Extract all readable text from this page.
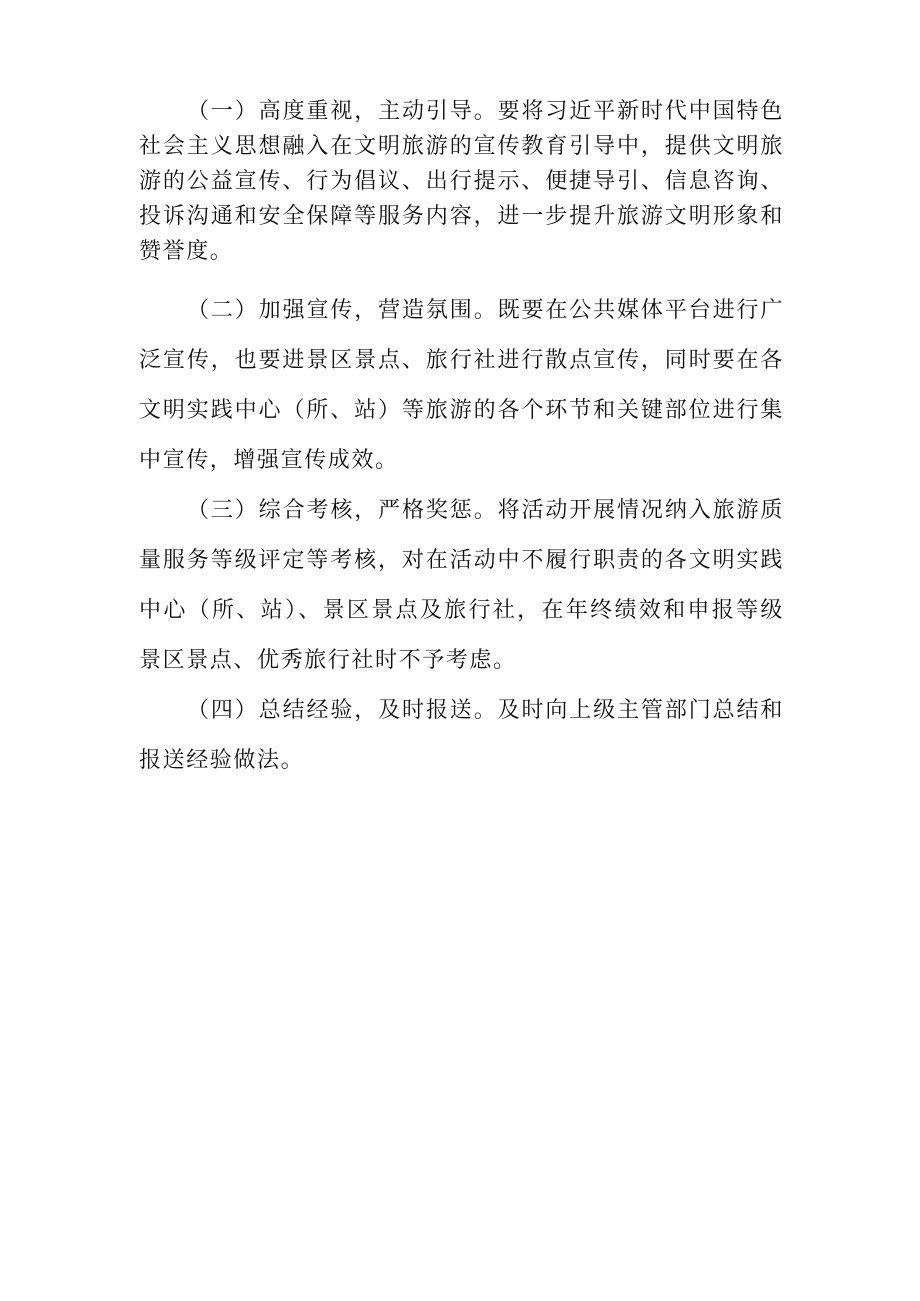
（一）高度重视，主动引导。要将习近平新时代中国特色社会主义思想融入在文明旅游的宣传教育引导中，提供文明旅游的公益宣传、行为倡议、出行提示、便捷导引、信息咨询、投诉沟通和安全保障等服务内容，进一步提升旅游文明形象和赞誉度。

（二）加强宣传，营造氛围。既要在公共媒体平台进行广泛宣传，也要进景区景点、旅行社进行散点宣传，同时要在各文明实践中心（所、站）等旅游的各个环节和关键部位进行集中宣传，增强宣传成效。

（三）综合考核，严格奖惩。将活动开展情况纳入旅游质量服务等级评定等考核，对在活动中不履行职责的各文明实践中心（所、站）、景区景点及旅行社，在年终绩效和申报等级景区景点、优秀旅行社时不予考虑。

（四）总结经验，及时报送。及时向上级主管部门总结和报送经验做法。
